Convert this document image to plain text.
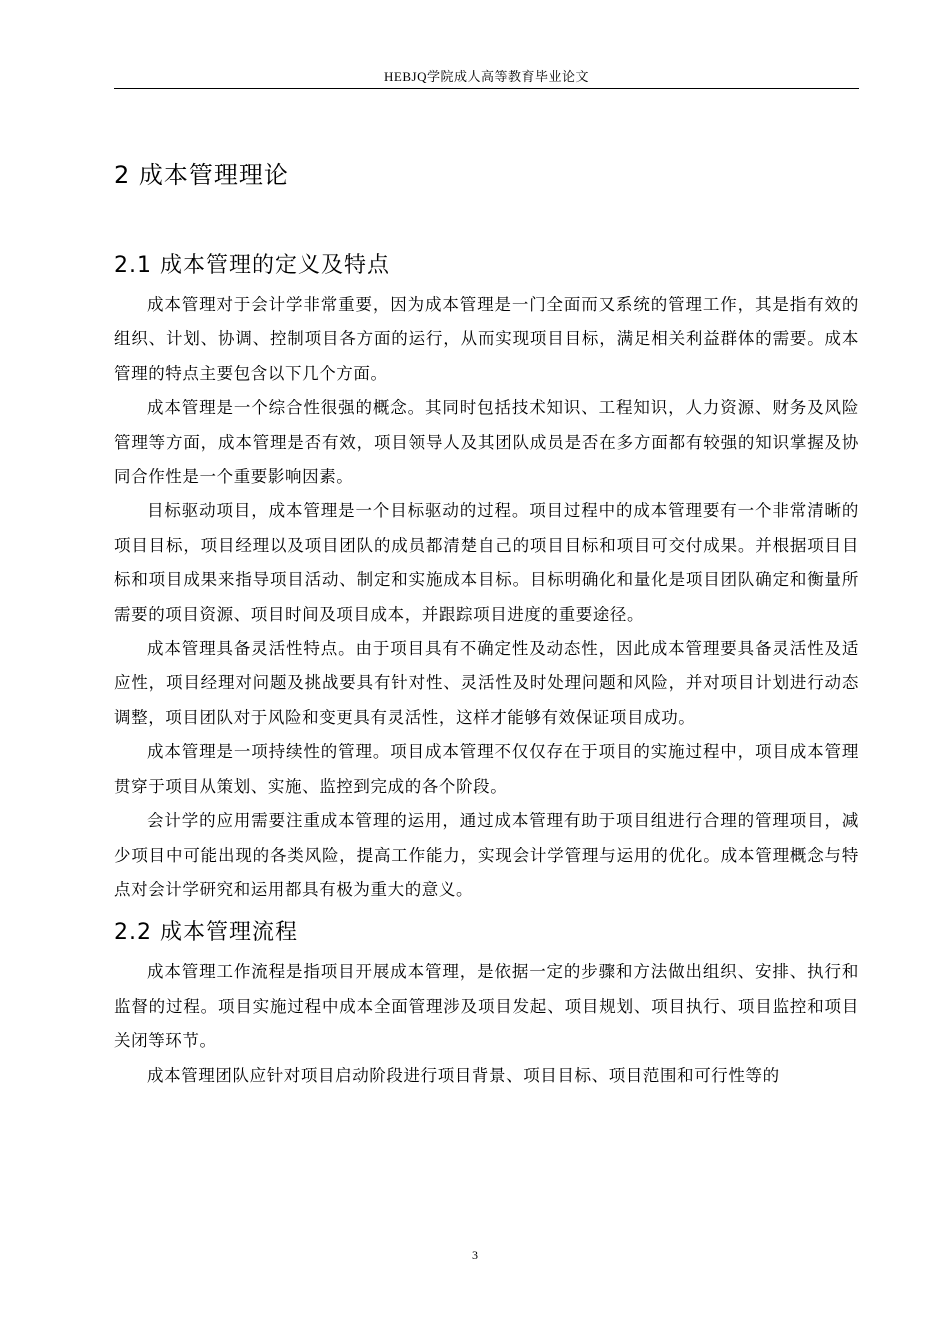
HEBJQ学院成人高等教育毕业论文
2 成本管理理论
2.1 成本管理的定义及特点

成本管理对于会计学非常重要，因为成本管理是一门全面而又系统的管理工作，其是指有效的组织、计划、协调、控制项目各方面的运行，从而实现项目目标，满足相关利益群体的需要。成本管理的特点主要包含以下几个方面。

成本管理是一个综合性很强的概念。其同时包括技术知识、工程知识，人力资源、财务及风险管理等方面，成本管理是否有效，项目领导人及其团队成员是否在多方面都有较强的知识掌握及协同合作性是一个重要影响因素。

目标驱动项目，成本管理是一个目标驱动的过程。项目过程中的成本管理要有一个非常清晰的项目目标，项目经理以及项目团队的成员都清楚自己的项目目标和项目可交付成果。并根据项目目标和项目成果来指导项目活动、制定和实施成本目标。目标明确化和量化是项目团队确定和衡量所需要的项目资源、项目时间及项目成本，并跟踪项目进度的重要途径。

成本管理具备灵活性特点。由于项目具有不确定性及动态性，因此成本管理要具备灵活性及适应性，项目经理对问题及挑战要具有针对性、灵活性及时处理问题和风险，并对项目计划进行动态调整，项目团队对于风险和变更具有灵活性，这样才能够有效保证项目成功。

成本管理是一项持续性的管理。项目成本管理不仅仅存在于项目的实施过程中，项目成本管理贯穿于项目从策划、实施、监控到完成的各个阶段。

会计学的应用需要注重成本管理的运用，通过成本管理有助于项目组进行合理的管理项目，减少项目中可能出现的各类风险，提高工作能力，实现会计学管理与运用的优化。成本管理概念与特点对会计学研究和运用都具有极为重大的意义。

2.2 成本管理流程

成本管理工作流程是指项目开展成本管理，是依据一定的步骤和方法做出组织、安排、执行和监督的过程。项目实施过程中成本全面管理涉及项目发起、项目规划、项目执行、项目监控和项目关闭等环节。

成本管理团队应针对项目启动阶段进行项目背景、项目目标、项目范围和可行性等的

3
